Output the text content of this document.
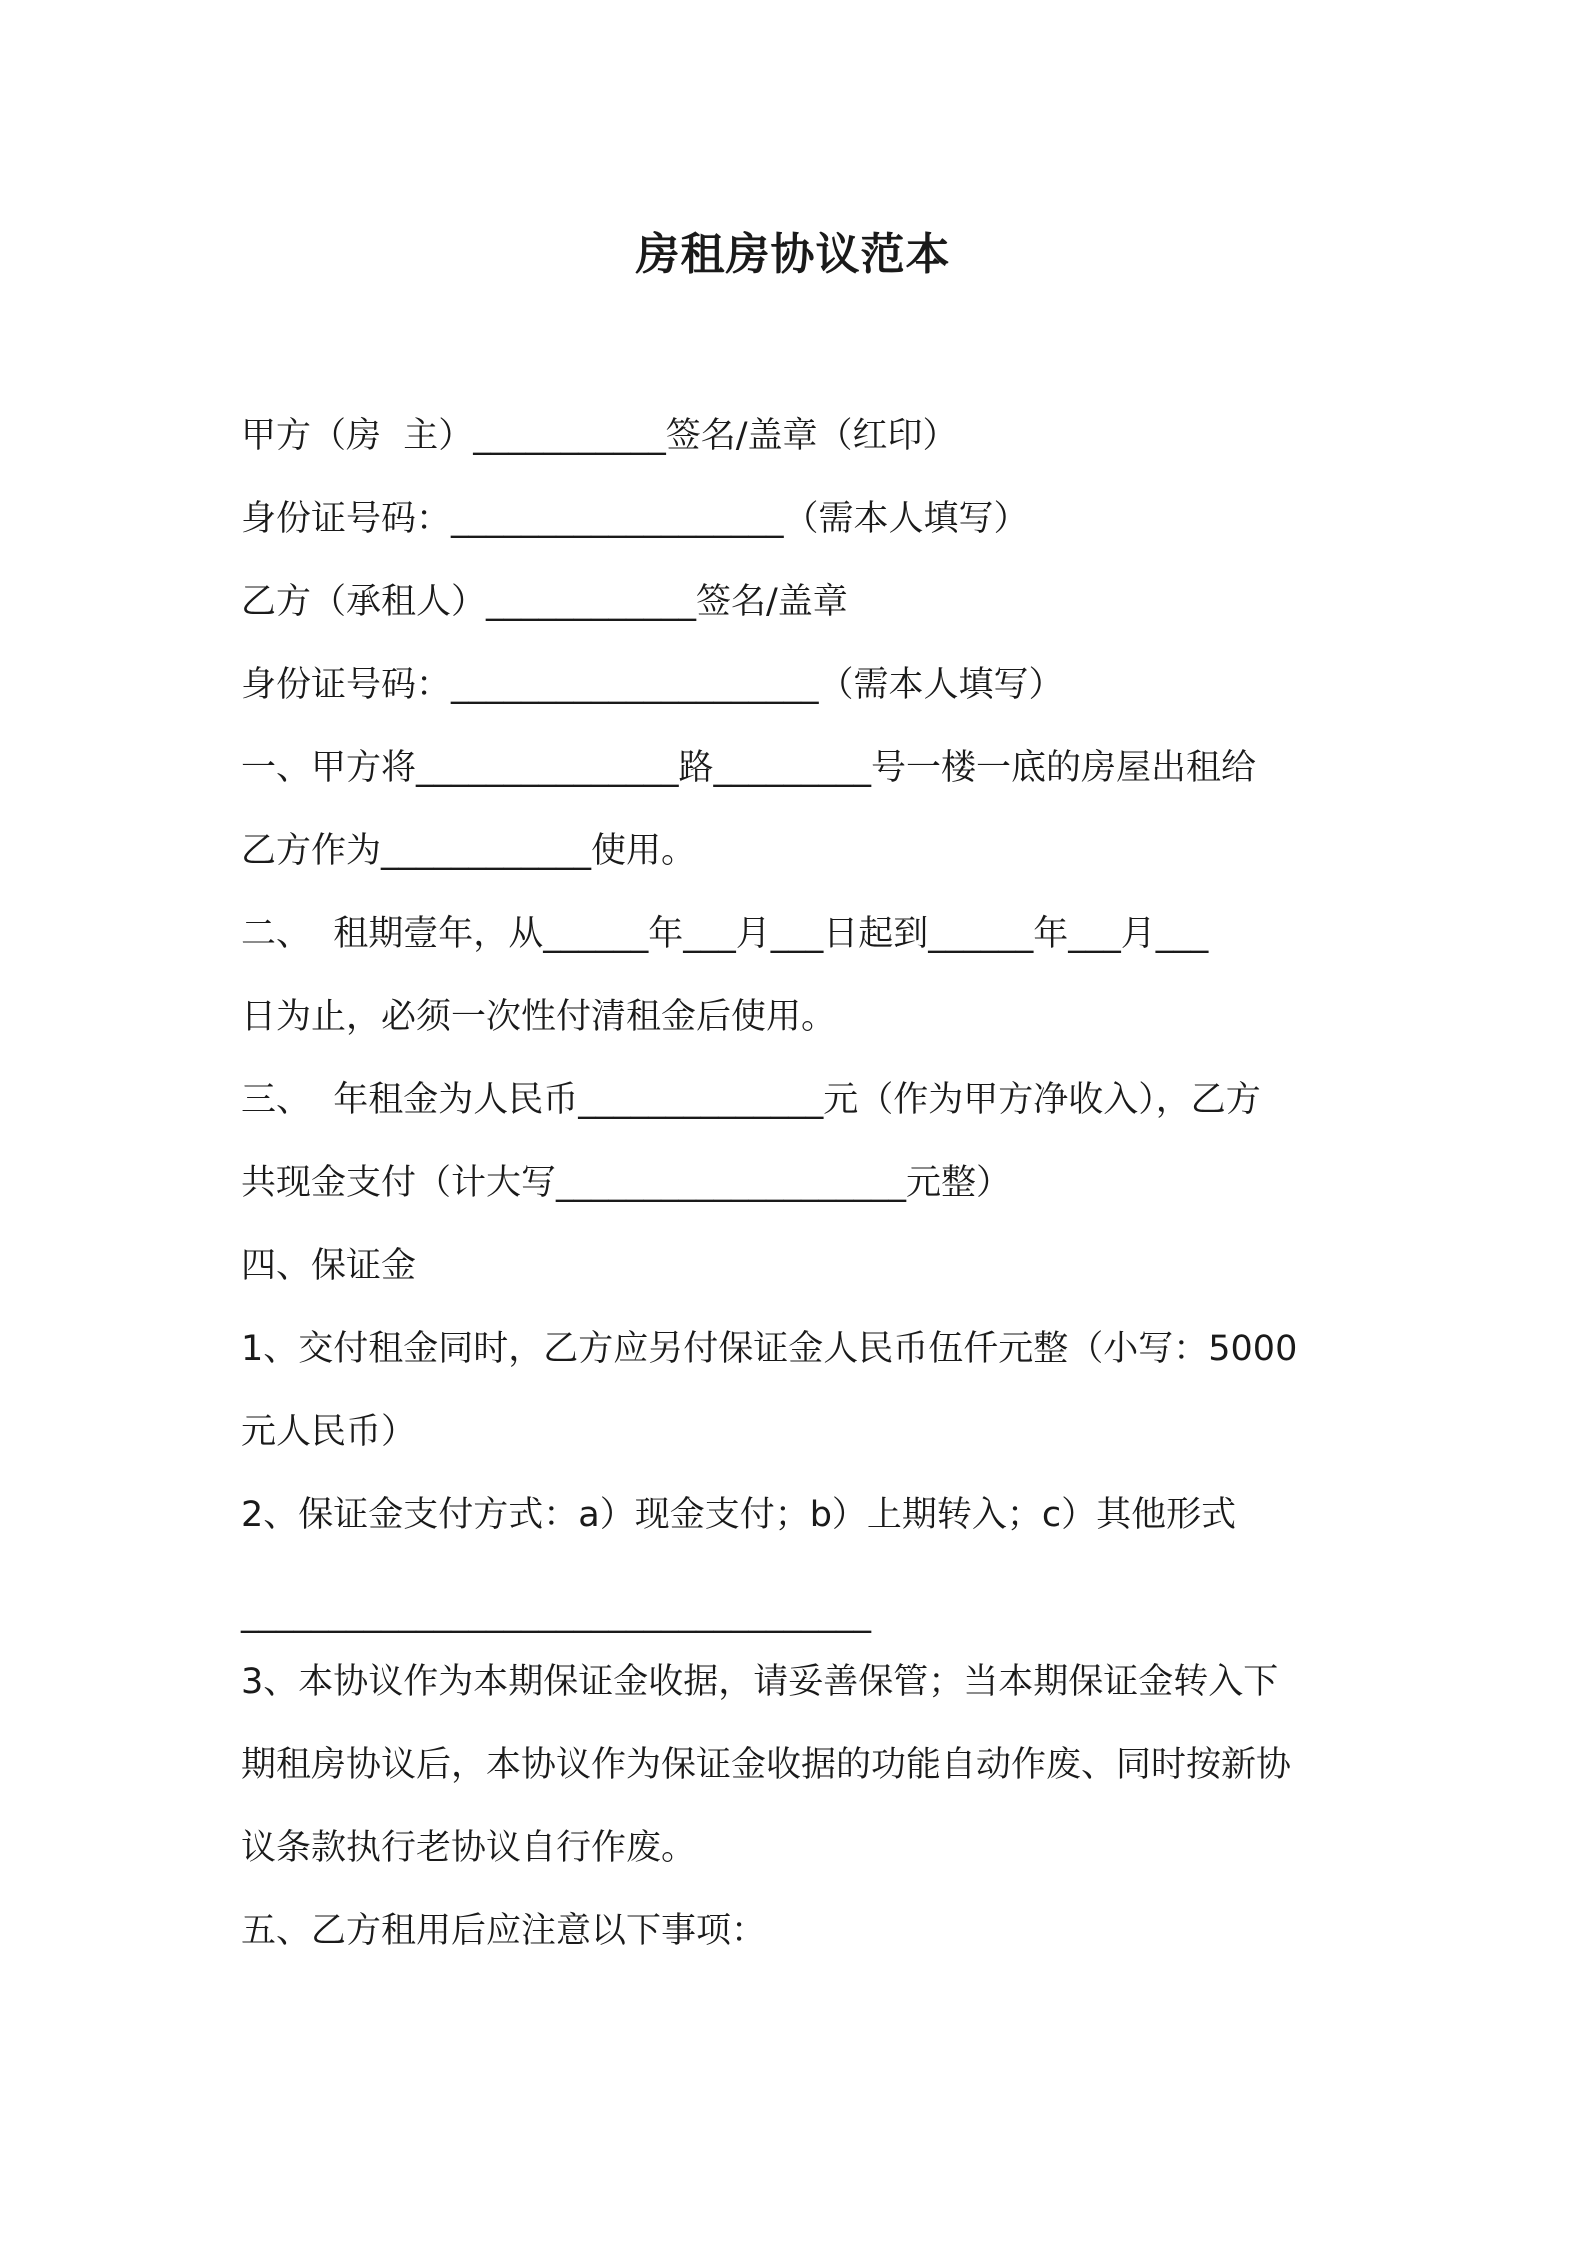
房租房协议范本
甲方（房  主）___________签名/盖章（红印）
身份证号码：___________________（需本人填写）
乙方（承租人）____________签名/盖章
身份证号码：_____________________（需本人填写）
一、甲方将_______________路_________号一楼一底的房屋出租给
乙方作为____________使用。
二、  租期壹年，从______年___月___日起到______年___月___
日为止，必须一次性付清租金后使用。
三、  年租金为人民币______________元（作为甲方净收入），乙方
共现金支付（计大写____________________元整）
四、保证金
1、交付租金同时，乙方应另付保证金人民币伍仟元整（小写：5000
元人民币）
2、保证金支付方式：a）现金支付；b）上期转入；c）其他形式
____________________________________
3、本协议作为本期保证金收据，请妥善保管；当本期保证金转入下
期租房协议后，本协议作为保证金收据的功能自动作废、同时按新协
议条款执行老协议自行作废。
五、乙方租用后应注意以下事项：
